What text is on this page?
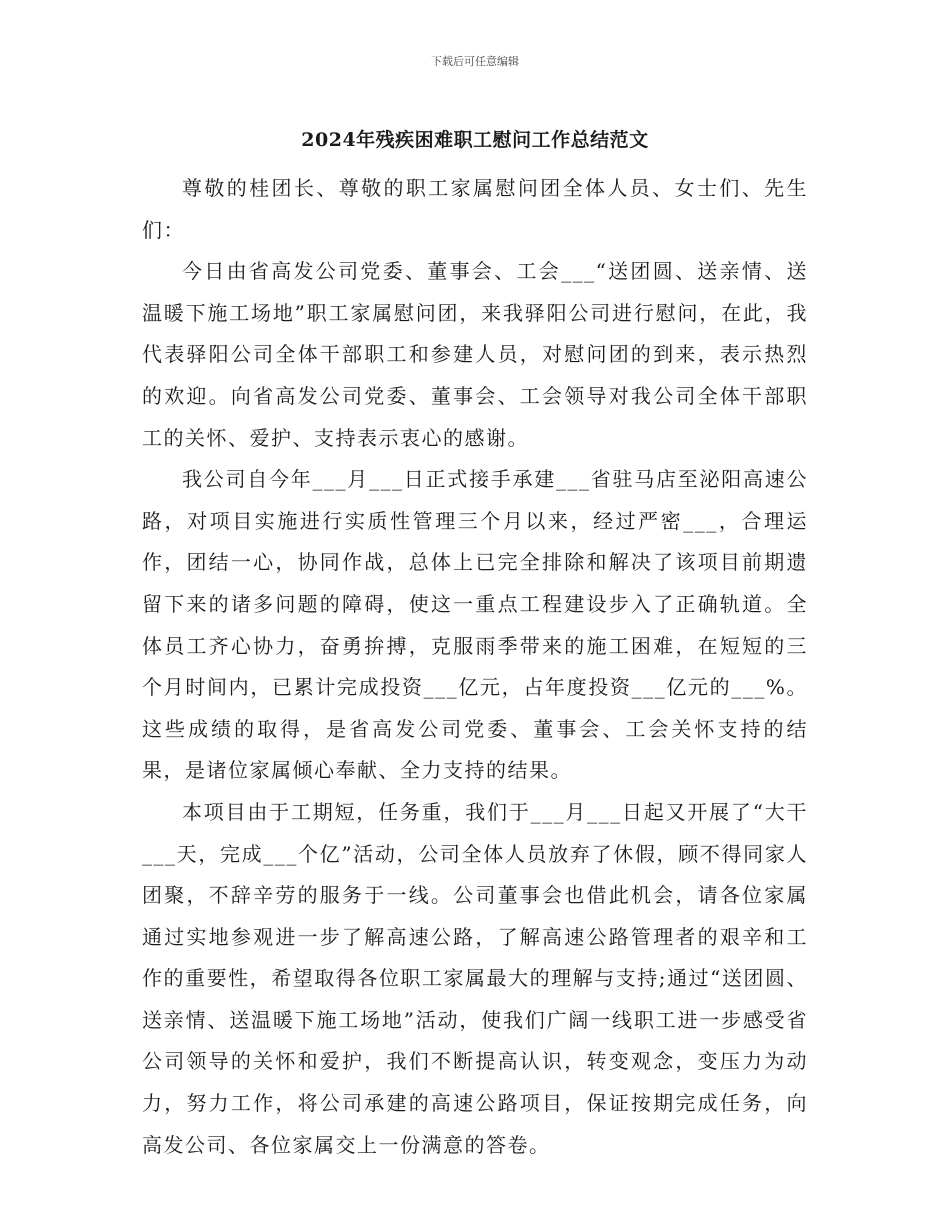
下载后可任意编辑
2024年残疾困难职工慰问工作总结范文

尊敬的桂团长、尊敬的职工家属慰问团全体人员、女士们、先生们：

今日由省高发公司党委、董事会、工会___“送团圆、送亲情、送温暖下施工场地”职工家属慰问团，来我驿阳公司进行慰问，在此，我代表驿阳公司全体干部职工和参建人员，对慰问团的到来，表示热烈的欢迎。向省高发公司党委、董事会、工会领导对我公司全体干部职工的关怀、爱护、支持表示衷心的感谢。

我公司自今年___月___日正式接手承建___省驻马店至泌阳高速公路，对项目实施进行实质性管理三个月以来，经过严密___，合理运作，团结一心，协同作战，总体上已完全排除和解决了该项目前期遗留下来的诸多问题的障碍，使这一重点工程建设步入了正确轨道。全体员工齐心协力，奋勇拚搏，克服雨季带来的施工困难，在短短的三个月时间内，已累计完成投资___亿元，占年度投资___亿元的___%。这些成绩的取得，是省高发公司党委、董事会、工会关怀支持的结果，是诸位家属倾心奉献、全力支持的结果。

本项目由于工期短，任务重，我们于___月___日起又开展了“大干___天，完成___个亿”活动，公司全体人员放弃了休假，顾不得同家人团聚，不辞辛劳的服务于一线。公司董事会也借此机会，请各位家属通过实地参观进一步了解高速公路，了解高速公路管理者的艰辛和工作的重要性，希望取得各位职工家属最大的理解与支持;通过“送团圆、送亲情、送温暖下施工场地”活动，使我们广阔一线职工进一步感受省公司领导的关怀和爱护，我们不断提高认识，转变观念，变压力为动力，努力工作，将公司承建的高速公路项目，保证按期完成任务，向高发公司、各位家属交上一份满意的答卷。
